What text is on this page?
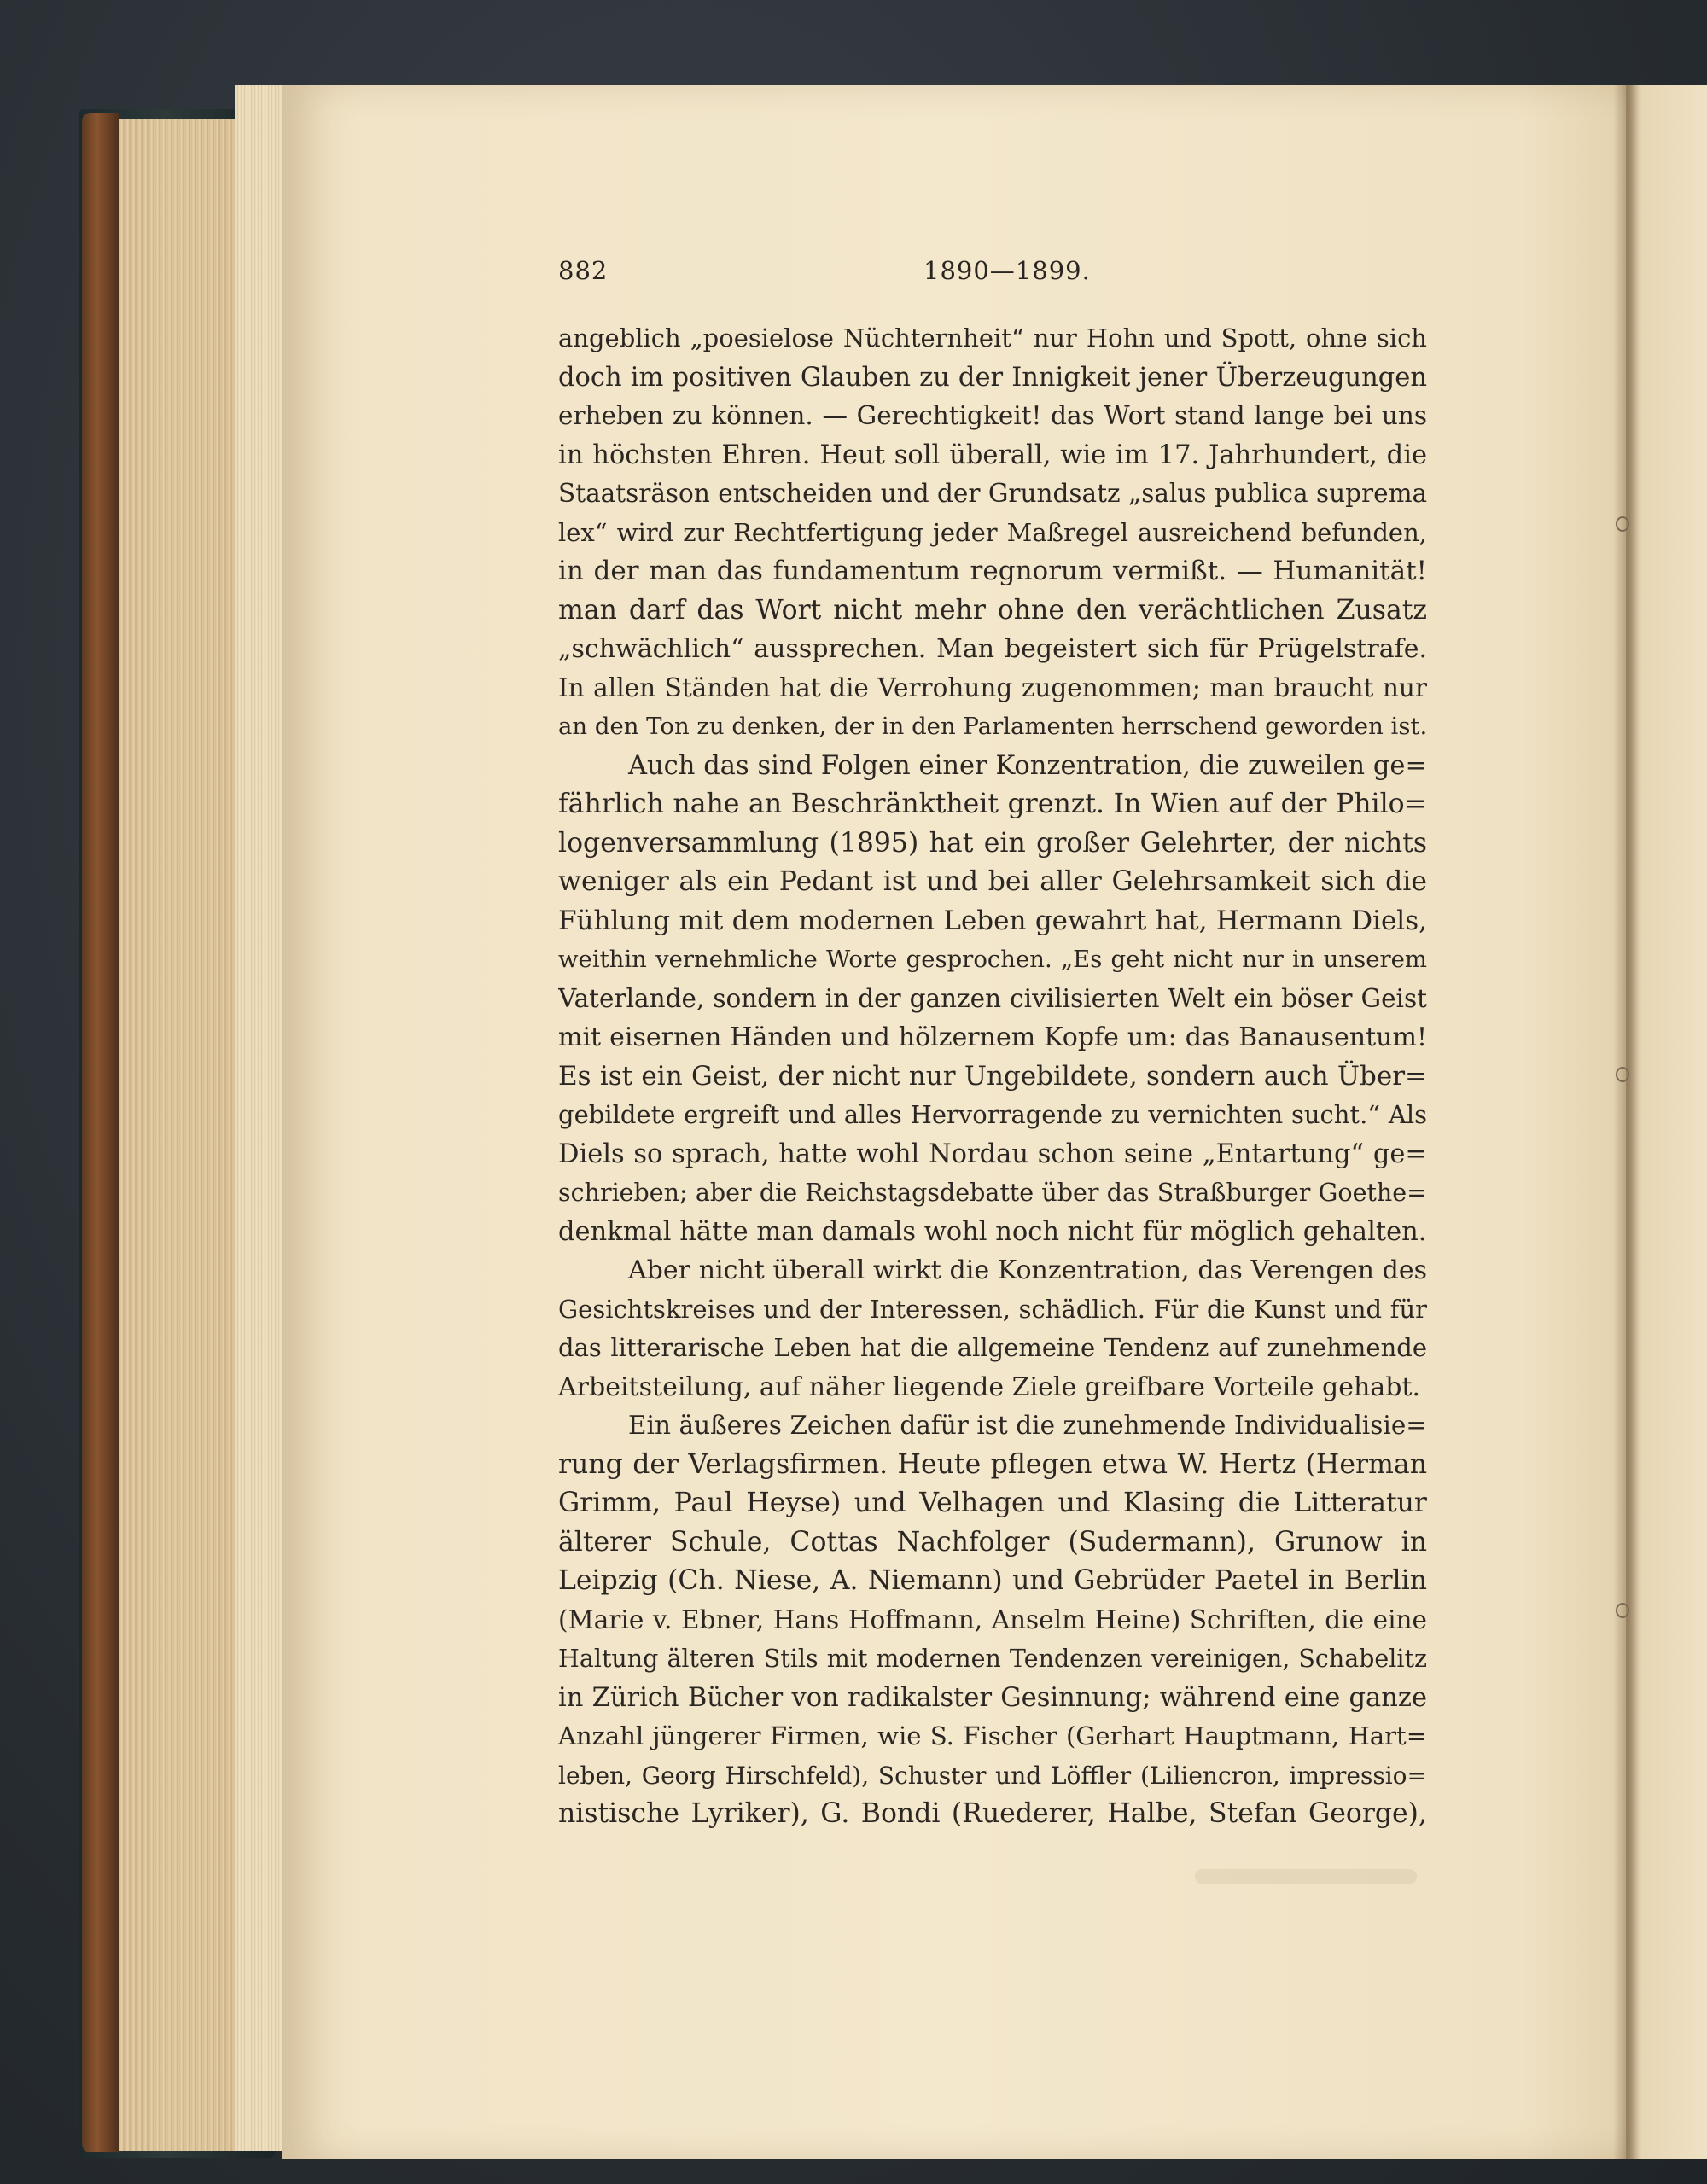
882	1890—1899.
angeblich „poesielose Nüchternheit“ nur Hohn und Spott, ohne sich
doch im positiven Glauben zu der Innigkeit jener Überzeugungen
erheben zu können. — Gerechtigkeit! das Wort stand lange bei uns
in höchsten Ehren. Heut soll überall, wie im 17. Jahrhundert, die
Staatsräson entscheiden und der Grundsatz „salus publica suprema
lex“ wird zur Rechtfertigung jeder Maßregel ausreichend befunden,
in der man das fundamentum regnorum vermißt. — Humanität!
man darf das Wort nicht mehr ohne den verächtlichen Zusatz
„schwächlich“ aussprechen. Man begeistert sich für Prügelstrafe.
In allen Ständen hat die Verrohung zugenommen; man braucht nur
an den Ton zu denken, der in den Parlamenten herrschend geworden ist.
Auch das sind Folgen einer Konzentration, die zuweilen ge=
fährlich nahe an Beschränktheit grenzt. In Wien auf der Philo=
logenversammlung (1895) hat ein großer Gelehrter, der nichts
weniger als ein Pedant ist und bei aller Gelehrsamkeit sich die
Fühlung mit dem modernen Leben gewahrt hat, Hermann Diels,
weithin vernehmliche Worte gesprochen. „Es geht nicht nur in unserem
Vaterlande, sondern in der ganzen civilisierten Welt ein böser Geist
mit eisernen Händen und hölzernem Kopfe um: das Banausentum!
Es ist ein Geist, der nicht nur Ungebildete, sondern auch Über=
gebildete ergreift und alles Hervorragende zu vernichten sucht.“ Als
Diels so sprach, hatte wohl Nordau schon seine „Entartung“ ge=
schrieben; aber die Reichstagsdebatte über das Straßburger Goethe=
denkmal hätte man damals wohl noch nicht für möglich gehalten.
Aber nicht überall wirkt die Konzentration, das Verengen des
Gesichtskreises und der Interessen, schädlich. Für die Kunst und für
das litterarische Leben hat die allgemeine Tendenz auf zunehmende
Arbeitsteilung, auf näher liegende Ziele greifbare Vorteile gehabt.
Ein äußeres Zeichen dafür ist die zunehmende Individualisie=
rung der Verlagsfirmen. Heute pflegen etwa W. Hertz (Herman
Grimm, Paul Heyse) und Velhagen und Klasing die Litteratur
älterer Schule, Cottas Nachfolger (Sudermann), Grunow in
Leipzig (Ch. Niese, A. Niemann) und Gebrüder Paetel in Berlin
(Marie v. Ebner, Hans Hoffmann, Anselm Heine) Schriften, die eine
Haltung älteren Stils mit modernen Tendenzen vereinigen, Schabelitz
in Zürich Bücher von radikalster Gesinnung; während eine ganze
Anzahl jüngerer Firmen, wie S. Fischer (Gerhart Hauptmann, Hart=
leben, Georg Hirschfeld), Schuster und Löffler (Liliencron, impressio=
nistische Lyriker), G. Bondi (Ruederer, Halbe, Stefan George),
